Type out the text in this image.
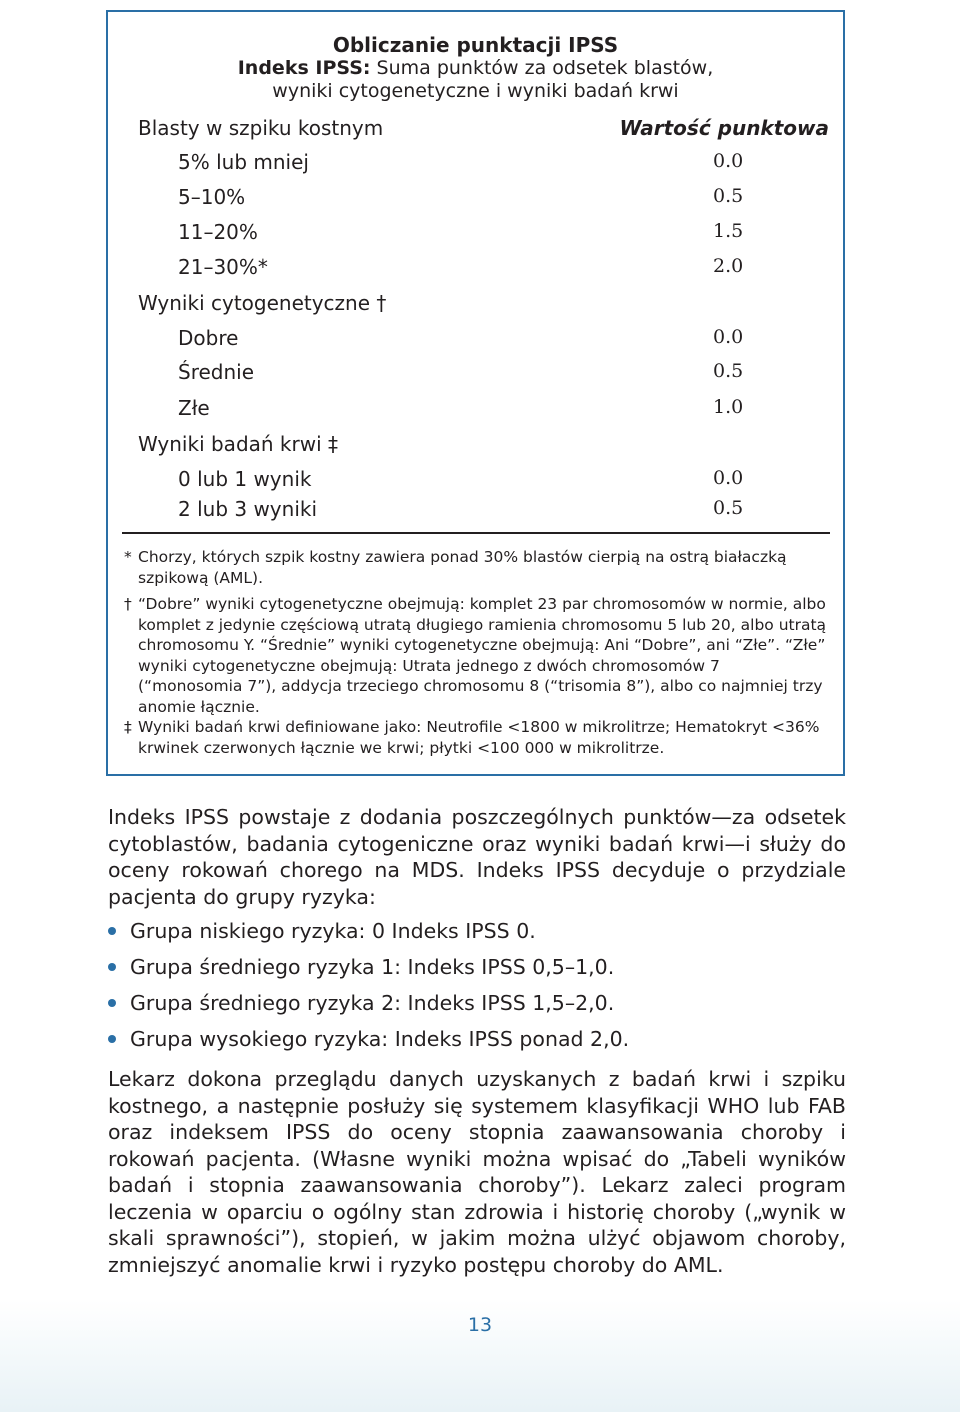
Obliczanie punktacji IPSS
Indeks IPSS: Suma punktów za odsetek blastów,
wyniki cytogenetyczne i wyniki badań krwi
Blasty w szpiku kostnym	Wartość punktowa
5% lub mniej	0.0
5–10%	0.5
11–20%	1.5
21–30%*	2.0
Wyniki cytogenetyczne †
Dobre	0.0
Średnie	0.5
Złe	1.0
Wyniki badań krwi ‡
0 lub 1 wynik	0.0
2 lub 3 wyniki	0.5
* Chorzy, których szpik kostny zawiera ponad 30% blastów cierpią na ostrą białaczką szpikową (AML).
† “Dobre” wyniki cytogenetyczne obejmują: komplet 23 par chromosomów w normie, albo komplet z jedynie częściową utratą długiego ramienia chromosomu 5 lub 20, albo utratą chromosomu Y. “Średnie” wyniki cytogenetyczne obejmują: Ani “Dobre”, ani “Złe”. “Złe” wyniki cytogenetyczne obejmują: Utrata jednego z dwóch chromosomów 7 (“monosomia 7”), addycja trzeciego chromosomu 8 (“trisomia 8”), albo co najmniej trzy anomie łącznie.
‡ Wyniki badań krwi definiowane jako: Neutrofile <1800 w mikrolitrze; Hematokryt <36% krwinek czerwonych łącznie we krwi; płytki <100 000 w mikrolitrze.
Indeks IPSS powstaje z dodania poszczególnych punktów—za odsetek cytoblastów, badania cytogeniczne oraz wyniki badań krwi—i służy do oceny rokowań chorego na MDS. Indeks IPSS decyduje o przydziale pacjenta do grupy ryzyka:
Grupa niskiego ryzyka: 0 Indeks IPSS 0.
Grupa średniego ryzyka 1: Indeks IPSS 0,5–1,0.
Grupa średniego ryzyka 2: Indeks IPSS 1,5–2,0.
Grupa wysokiego ryzyka: Indeks IPSS ponad 2,0.
Lekarz dokona przeglądu danych uzyskanych z badań krwi i szpiku kostnego, a następnie posłuży się systemem klasyfikacji WHO lub FAB oraz indeksem IPSS do oceny stopnia zaawansowania choroby i rokowań pacjenta. (Własne wyniki można wpisać do „Tabeli wyników badań i stopnia zaawansowania choroby”). Lekarz zaleci program leczenia w oparciu o ogólny stan zdrowia i historię choroby („wynik w skali sprawności”), stopień, w jakim można ulżyć objawom choroby, zmniejszyć anomalie krwi i ryzyko postępu choroby do AML.
13
